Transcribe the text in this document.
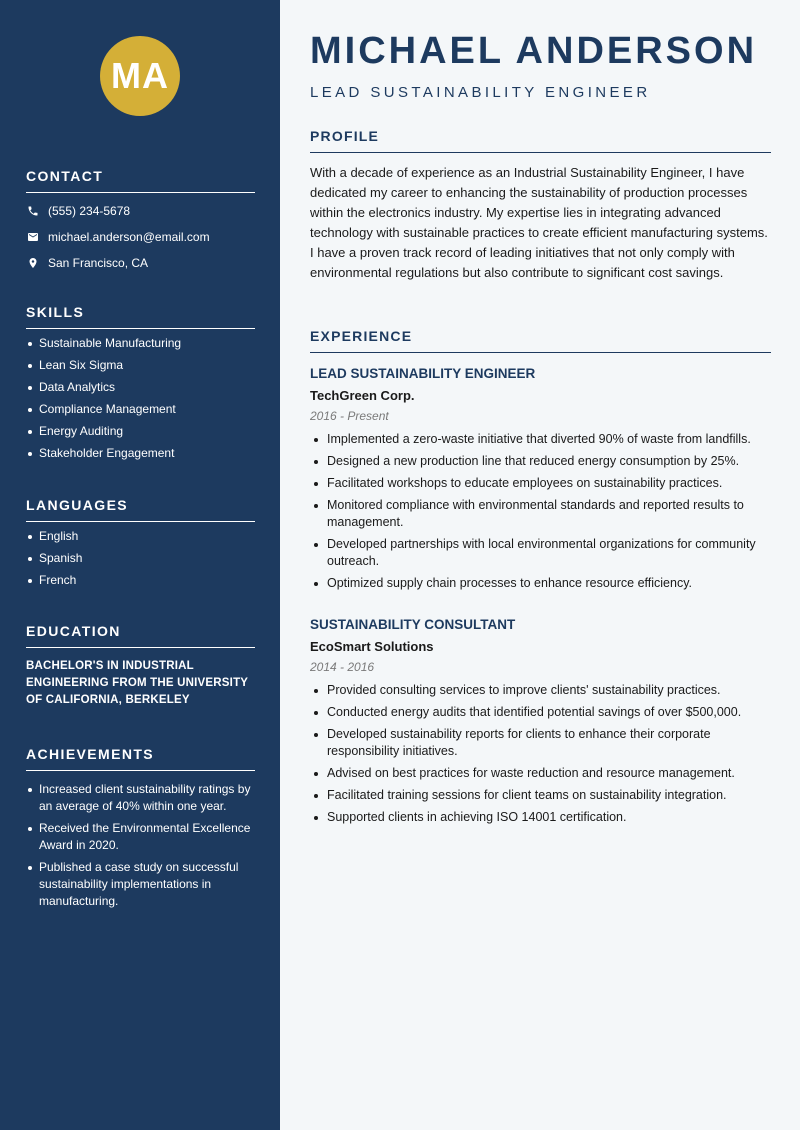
MA
CONTACT
(555) 234-5678
michael.anderson@email.com
San Francisco, CA
SKILLS
Sustainable Manufacturing
Lean Six Sigma
Data Analytics
Compliance Management
Energy Auditing
Stakeholder Engagement
LANGUAGES
English
Spanish
French
EDUCATION
BACHELOR'S IN INDUSTRIAL ENGINEERING FROM THE UNIVERSITY OF CALIFORNIA, BERKELEY
ACHIEVEMENTS
Increased client sustainability ratings by an average of 40% within one year.
Received the Environmental Excellence Award in 2020.
Published a case study on successful sustainability implementations in manufacturing.
MICHAEL ANDERSON
LEAD SUSTAINABILITY ENGINEER
PROFILE
With a decade of experience as an Industrial Sustainability Engineer, I have dedicated my career to enhancing the sustainability of production processes within the electronics industry. My expertise lies in integrating advanced technology with sustainable practices to create efficient manufacturing systems. I have a proven track record of leading initiatives that not only comply with environmental regulations but also contribute to significant cost savings.
EXPERIENCE
LEAD SUSTAINABILITY ENGINEER
TechGreen Corp.
2016 - Present
Implemented a zero-waste initiative that diverted 90% of waste from landfills.
Designed a new production line that reduced energy consumption by 25%.
Facilitated workshops to educate employees on sustainability practices.
Monitored compliance with environmental standards and reported results to management.
Developed partnerships with local environmental organizations for community outreach.
Optimized supply chain processes to enhance resource efficiency.
SUSTAINABILITY CONSULTANT
EcoSmart Solutions
2014 - 2016
Provided consulting services to improve clients' sustainability practices.
Conducted energy audits that identified potential savings of over $500,000.
Developed sustainability reports for clients to enhance their corporate responsibility initiatives.
Advised on best practices for waste reduction and resource management.
Facilitated training sessions for client teams on sustainability integration.
Supported clients in achieving ISO 14001 certification.
